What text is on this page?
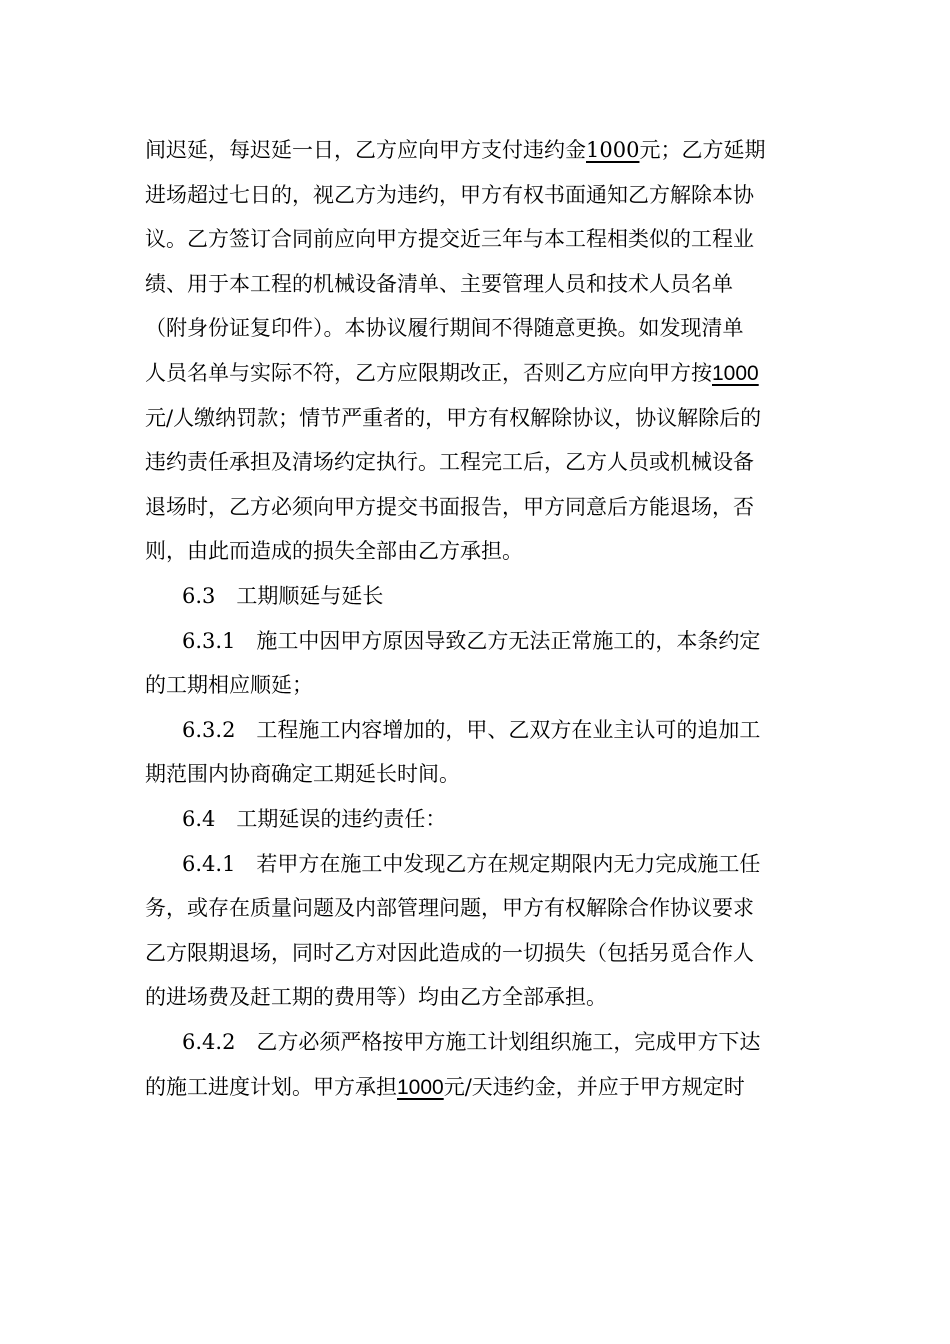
间迟延，每迟延一日，乙方应向甲方支付违约金1000元；乙方延期
进场超过七日的，视乙方为违约，甲方有权书面通知乙方解除本协
议。乙方签订合同前应向甲方提交近三年与本工程相类似的工程业
绩、用于本工程的机械设备清单、主要管理人员和技术人员名单
（附身份证复印件）。本协议履行期间不得随意更换。如发现清单
人员名单与实际不符，乙方应限期改正，否则乙方应向甲方按1000
元/人缴纳罚款；情节严重者的，甲方有权解除协议，协议解除后的
违约责任承担及清场约定执行。工程完工后，乙方人员或机械设备
退场时，乙方必须向甲方提交书面报告，甲方同意后方能退场，否
则，由此而造成的损失全部由乙方承担。
6.3　工期顺延与延长
6.3.1　施工中因甲方原因导致乙方无法正常施工的，本条约定
的工期相应顺延；
6.3.2　工程施工内容增加的，甲、乙双方在业主认可的追加工
期范围内协商确定工期延长时间。
6.4　工期延误的违约责任：
6.4.1　若甲方在施工中发现乙方在规定期限内无力完成施工任
务，或存在质量问题及内部管理问题，甲方有权解除合作协议要求
乙方限期退场，同时乙方对因此造成的一切损失（包括另觅合作人
的进场费及赶工期的费用等）均由乙方全部承担。
6.4.2　乙方必须严格按甲方施工计划组织施工，完成甲方下达
的施工进度计划。甲方承担1000元/天违约金，并应于甲方规定时
